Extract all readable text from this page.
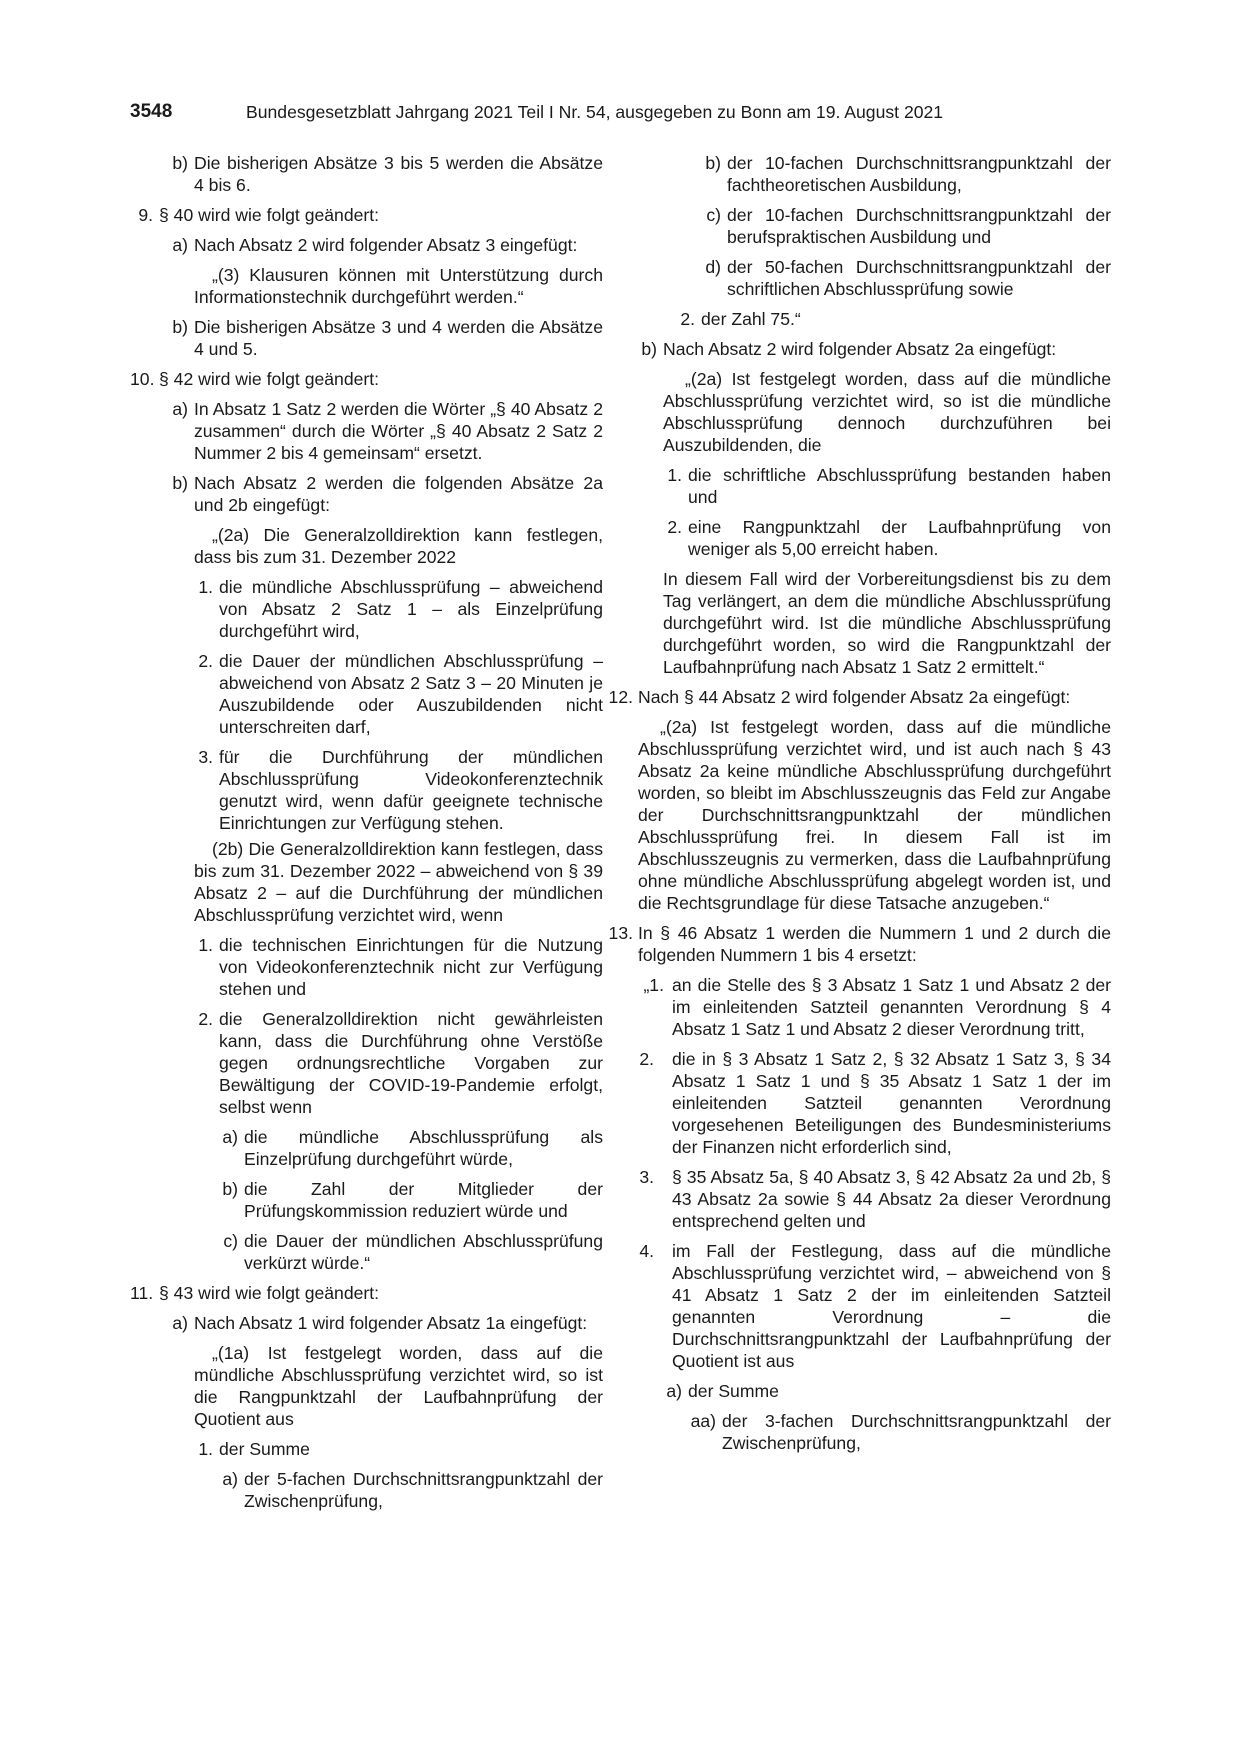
3548	Bundesgesetzblatt Jahrgang 2021 Teil I Nr. 54, ausgegeben zu Bonn am 19. August 2021
b) Die bisherigen Absätze 3 bis 5 werden die Absätze 4 bis 6.
9. § 40 wird wie folgt geändert:
a) Nach Absatz 2 wird folgender Absatz 3 eingefügt:

„(3) Klausuren können mit Unterstützung durch Informationstechnik durchgeführt werden.“

b) Die bisherigen Absätze 3 und 4 werden die Absätze 4 und 5.
10. § 42 wird wie folgt geändert:
a) In Absatz 1 Satz 2 werden die Wörter „§ 40 Absatz 2 zusammen“ durch die Wörter „§ 40 Absatz 2 Satz 2 Nummer 2 bis 4 gemeinsam“ ersetzt.
b) Nach Absatz 2 werden die folgenden Absätze 2a und 2b eingefügt:

„(2a) Die Generalzolldirektion kann festlegen, dass bis zum 31. Dezember 2022

1. die mündliche Abschlussprüfung – abweichend von Absatz 2 Satz 1 – als Einzelprüfung durchgeführt wird,
2. die Dauer der mündlichen Abschlussprüfung – abweichend von Absatz 2 Satz 3 – 20 Minuten je Auszubildende oder Auszubildenden nicht unterschreiten darf,
3. für die Durchführung der mündlichen Abschlussprüfung Videokonferenztechnik genutzt wird, wenn dafür geeignete technische Einrichtungen zur Verfügung stehen.

(2b) Die Generalzolldirektion kann festlegen, dass bis zum 31. Dezember 2022 – abweichend von § 39 Absatz 2 – auf die Durchführung der mündlichen Abschlussprüfung verzichtet wird, wenn

1. die technischen Einrichtungen für die Nutzung von Videokonferenztechnik nicht zur Verfügung stehen und
2. die Generalzolldirektion nicht gewährleisten kann, dass die Durchführung ohne Verstöße gegen ordnungsrechtliche Vorgaben zur Bewältigung der COVID-19-Pandemie erfolgt, selbst wenn
a) die mündliche Abschlussprüfung als Einzelprüfung durchgeführt würde,
b) die Zahl der Mitglieder der Prüfungskommission reduziert würde und
c) die Dauer der mündlichen Abschlussprüfung verkürzt würde.“
11. § 43 wird wie folgt geändert:
a) Nach Absatz 1 wird folgender Absatz 1a eingefügt:

„(1a) Ist festgelegt worden, dass auf die mündliche Abschlussprüfung verzichtet wird, so ist die Rangpunktzahl der Laufbahnprüfung der Quotient aus

1. der Summe
a) der 5-fachen Durchschnittsrangpunktzahl der Zwischenprüfung,
b) der 10-fachen Durchschnittsrangpunktzahl der fachtheoretischen Ausbildung,
c) der 10-fachen Durchschnittsrangpunktzahl der berufspraktischen Ausbildung und
d) der 50-fachen Durchschnittsrangpunktzahl der schriftlichen Abschlussprüfung sowie
2. der Zahl 75.“
b) Nach Absatz 2 wird folgender Absatz 2a eingefügt:

„(2a) Ist festgelegt worden, dass auf die mündliche Abschlussprüfung verzichtet wird, so ist die mündliche Abschlussprüfung dennoch durchzuführen bei Auszubildenden, die

1. die schriftliche Abschlussprüfung bestanden haben und
2. eine Rangpunktzahl der Laufbahnprüfung von weniger als 5,00 erreicht haben.

In diesem Fall wird der Vorbereitungsdienst bis zu dem Tag verlängert, an dem die mündliche Abschlussprüfung durchgeführt wird. Ist die mündliche Abschlussprüfung durchgeführt worden, so wird die Rangpunktzahl der Laufbahnprüfung nach Absatz 1 Satz 2 ermittelt.“

12. Nach § 44 Absatz 2 wird folgender Absatz 2a eingefügt:

„(2a) Ist festgelegt worden, dass auf die mündliche Abschlussprüfung verzichtet wird, und ist auch nach § 43 Absatz 2a keine mündliche Abschlussprüfung durchgeführt worden, so bleibt im Abschlusszeugnis das Feld zur Angabe der Durchschnittsrangpunktzahl der mündlichen Abschlussprüfung frei. In diesem Fall ist im Abschlusszeugnis zu vermerken, dass die Laufbahnprüfung ohne mündliche Abschlussprüfung abgelegt worden ist, und die Rechtsgrundlage für diese Tatsache anzugeben.“

13. In § 46 Absatz 1 werden die Nummern 1 und 2 durch die folgenden Nummern 1 bis 4 ersetzt:
„1. an die Stelle des § 3 Absatz 1 Satz 1 und Absatz 2 der im einleitenden Satzteil genannten Verordnung § 4 Absatz 1 Satz 1 und Absatz 2 dieser Verordnung tritt,
2.	die in § 3 Absatz 1 Satz 2, § 32 Absatz 1 Satz 3, § 34 Absatz 1 Satz 1 und § 35 Absatz 1 Satz 1 der im einleitenden Satzteil genannten Verordnung vorgesehenen Beteiligungen des Bundesministeriums der Finanzen nicht erforderlich sind,
3.	§ 35 Absatz 5a, § 40 Absatz 3, § 42 Absatz 2a und 2b, § 43 Absatz 2a sowie § 44 Absatz 2a dieser Verordnung entsprechend gelten und
4.	im Fall der Festlegung, dass auf die mündliche Abschlussprüfung verzichtet wird, – abweichend von § 41 Absatz 1 Satz 2 der im einleitenden Satzteil genannten Verordnung – die Durchschnittsrangpunktzahl der Laufbahnprüfung der Quotient ist aus
a) der Summe
aa) der 3-fachen Durchschnittsrangpunktzahl der Zwischenprüfung,
